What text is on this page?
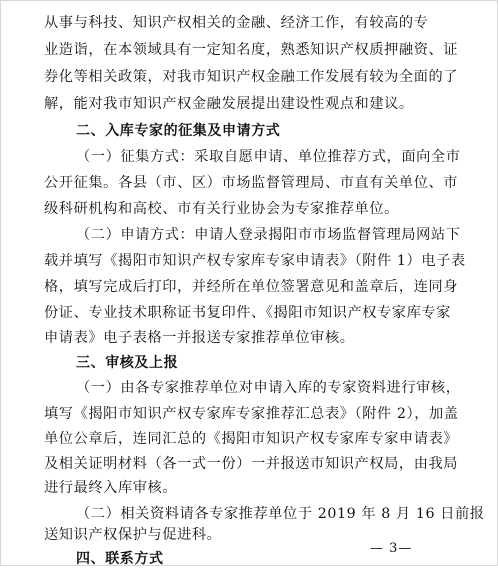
从事与科技、知识产权相关的金融、经济工作，有较高的专
业造诣，在本领域具有一定知名度，熟悉知识产权质押融资、证
券化等相关政策，对我市知识产权金融工作发展有较为全面的了
解，能对我市知识产权金融发展提出建设性观点和建议。
二、入库专家的征集及申请方式
（一）征集方式：采取自愿申请、单位推荐方式，面向全市
公开征集。各县（市、区）市场监督管理局、市直有关单位、市
级科研机构和高校、市有关行业协会为专家推荐单位。
（二）申请方式：申请人登录揭阳市市场监督管理局网站下
载并填写《揭阳市知识产权专家库专家申请表》（附件 1）电子表
格，填写完成后打印，并经所在单位签署意见和盖章后，连同身
份证、专业技术职称证书复印件、《揭阳市知识产权专家库专家
申请表》电子表格一并报送专家推荐单位审核。
三、审核及上报
（一）由各专家推荐单位对申请入库的专家资料进行审核，
填写《揭阳市知识产权专家库专家推荐汇总表》（附件 2），加盖
单位公章后，连同汇总的《揭阳市知识产权专家库专家申请表》
及相关证明材料（各一式一份）一并报送市知识产权局，由我局
进行最终入库审核。
（二）相关资料请各专家推荐单位于 2019 年 8 月 16 日前报
送知识产权保护与促进科。
四、联系方式
— 3—
